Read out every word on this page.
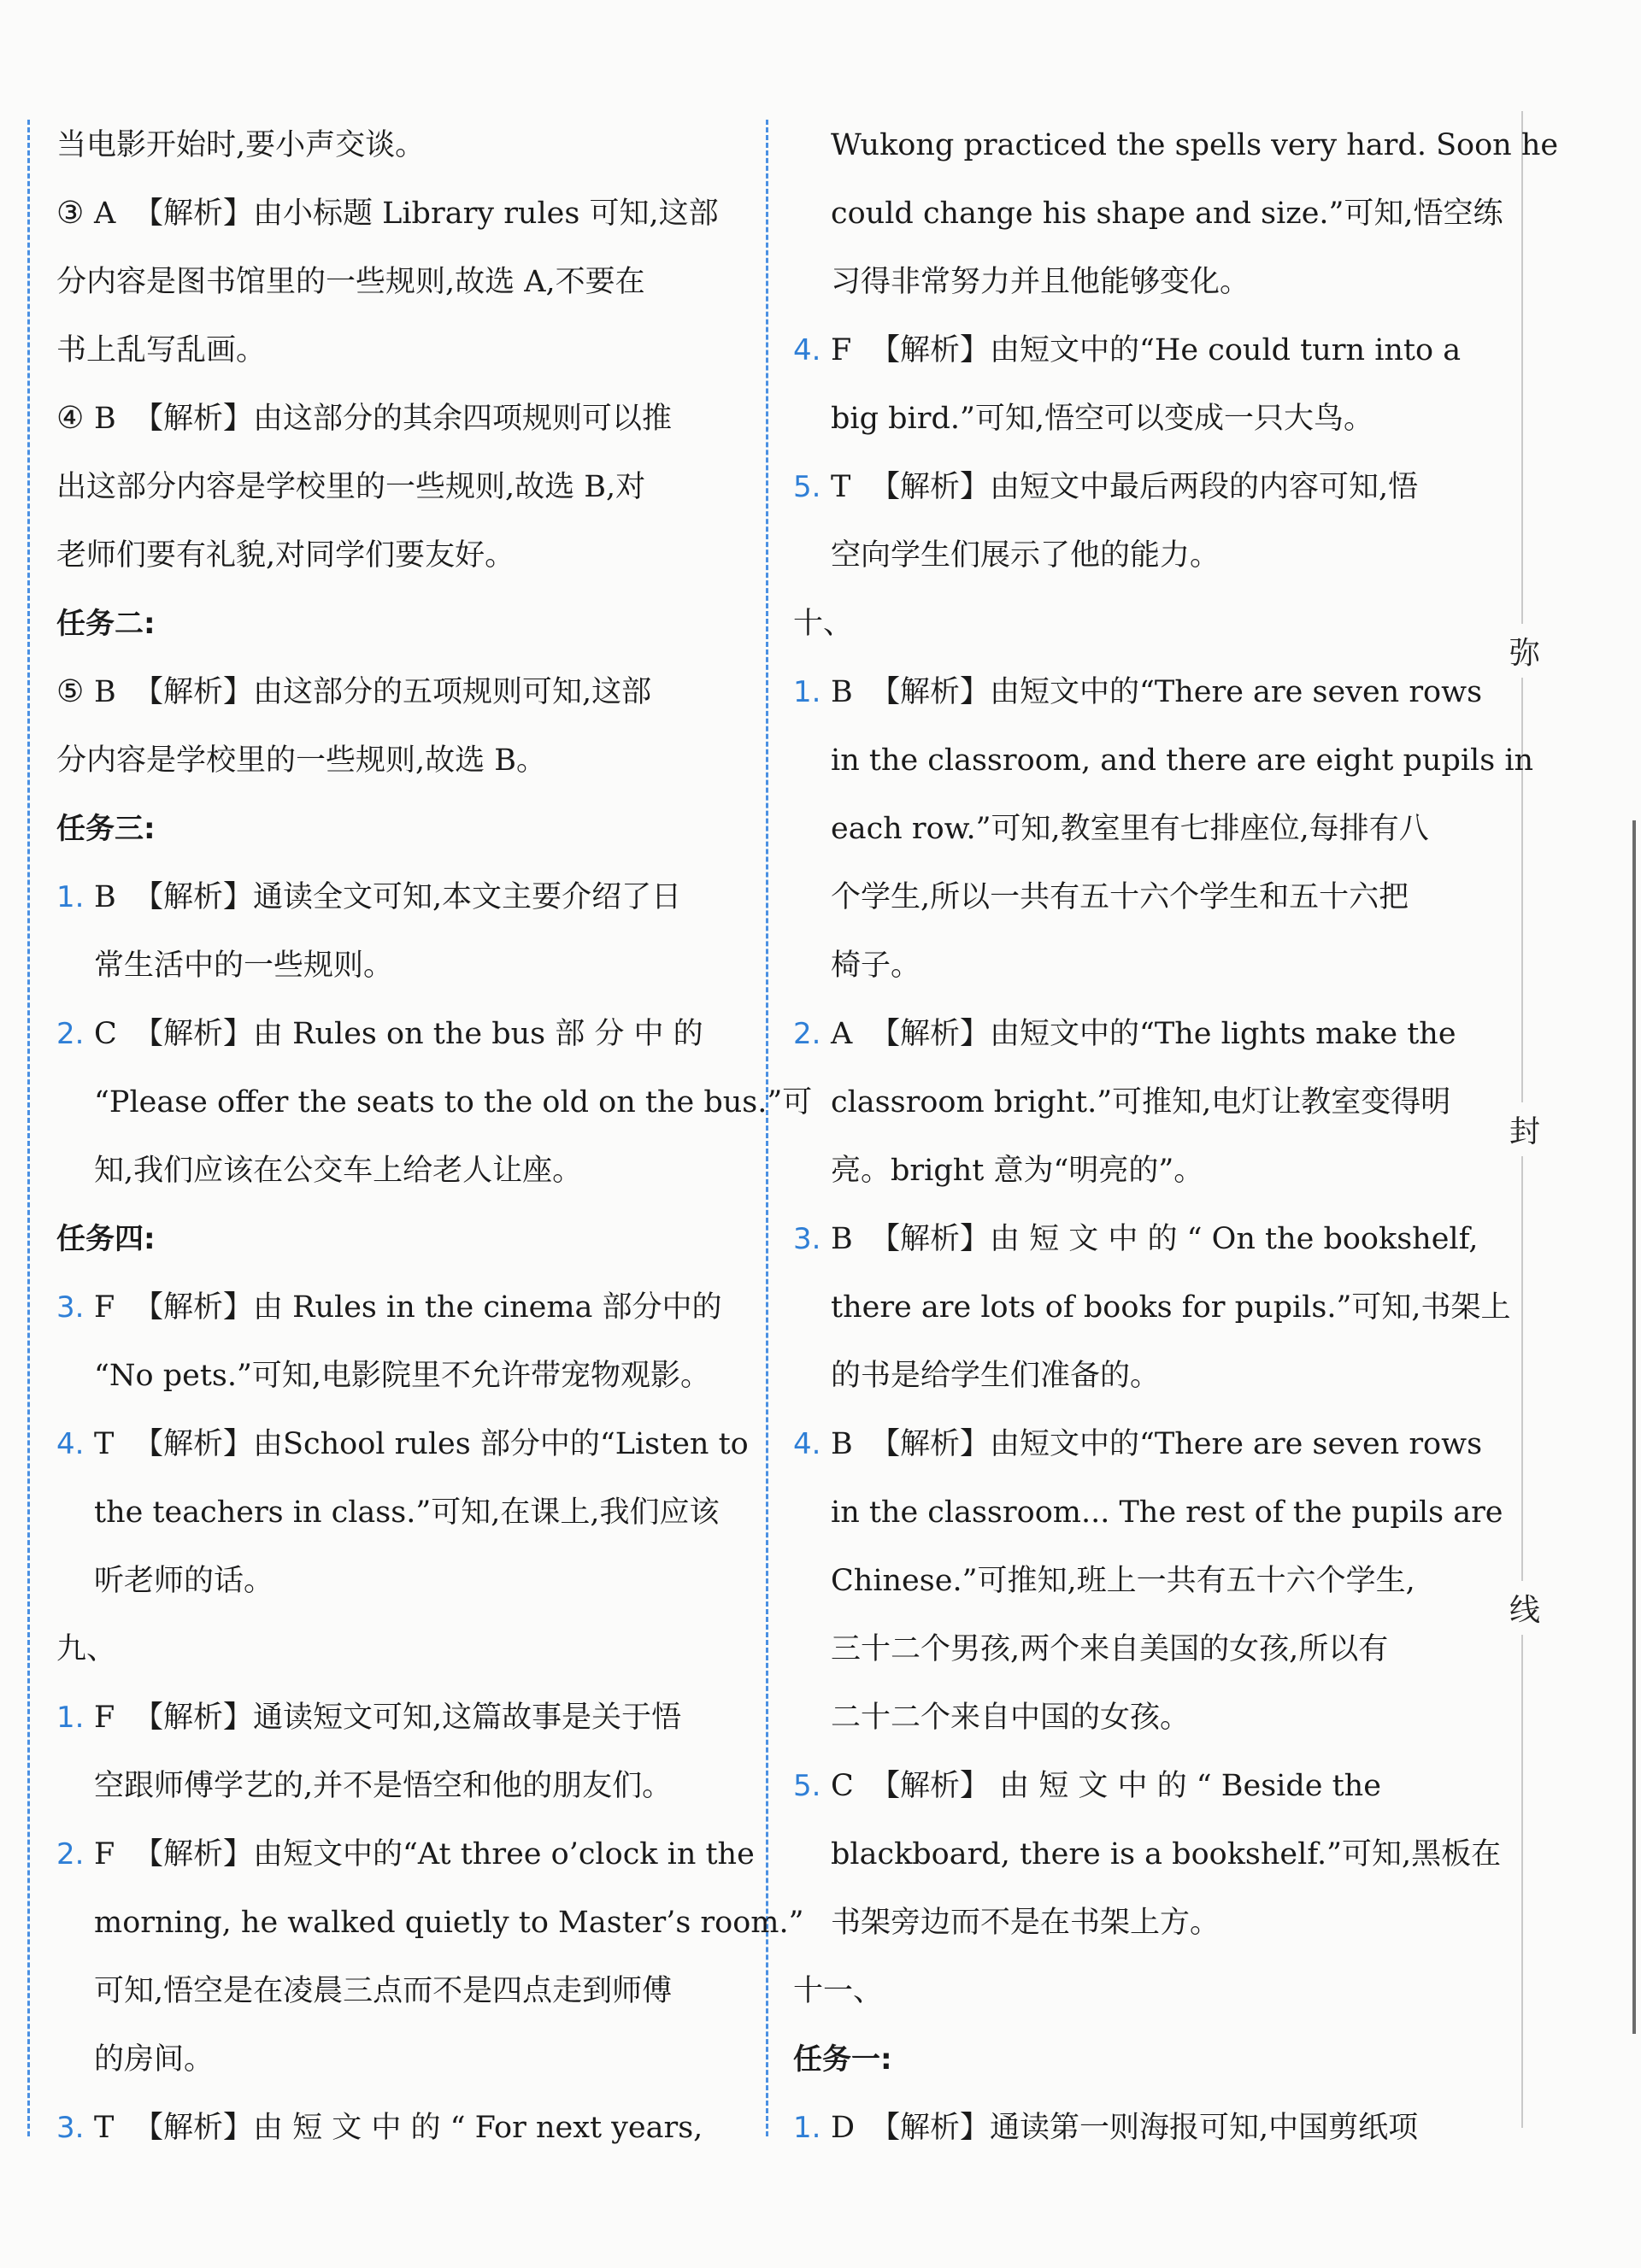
弥
封
线
当电影开始时,要小声交谈。
③ A 【解析】由小标题 Library rules 可知,这部
分内容是图书馆里的一些规则,故选 A,不要在
书上乱写乱画。
④ B 【解析】由这部分的其余四项规则可以推
出这部分内容是学校里的一些规则,故选 B,对
老师们要有礼貌,对同学们要友好。
任务二:
⑤ B 【解析】由这部分的五项规则可知,这部
分内容是学校里的一些规则,故选 B。
任务三:
1. B 【解析】通读全文可知,本文主要介绍了日
常生活中的一些规则。
2. C 【解析】由 Rules on the bus 部 分 中 的
“Please offer the seats to the old on the bus.”可
知,我们应该在公交车上给老人让座。
任务四:
3. F 【解析】由 Rules in the cinema 部分中的
“No pets.”可知,电影院里不允许带宠物观影。
4. T 【解析】由School rules 部分中的“Listen to
the teachers in class.”可知,在课上,我们应该
听老师的话。
九、
1. F 【解析】通读短文可知,这篇故事是关于悟
空跟师傅学艺的,并不是悟空和他的朋友们。
2. F 【解析】由短文中的“At three o’clock in the
morning, he walked quietly to Master’s room.”
可知,悟空是在凌晨三点而不是四点走到师傅
的房间。
3. T 【解析】由 短 文 中 的 “ For next years,
Wukong practiced the spells very hard. Soon he
could change his shape and size.”可知,悟空练
习得非常努力并且他能够变化。
4. F 【解析】由短文中的“He could turn into a
big bird.”可知,悟空可以变成一只大鸟。
5. T 【解析】由短文中最后两段的内容可知,悟
空向学生们展示了他的能力。
十、
1. B 【解析】由短文中的“There are seven rows
in the classroom, and there are eight pupils in
each row.”可知,教室里有七排座位,每排有八
个学生,所以一共有五十六个学生和五十六把
椅子。
2. A 【解析】由短文中的“The lights make the
classroom bright.”可推知,电灯让教室变得明
亮。bright 意为“明亮的”。
3. B 【解析】由 短 文 中 的 “ On the bookshelf,
there are lots of books for pupils.”可知,书架上
的书是给学生们准备的。
4. B 【解析】由短文中的“There are seven rows
in the classroom... The rest of the pupils are
Chinese.”可推知,班上一共有五十六个学生,
三十二个男孩,两个来自美国的女孩,所以有
二十二个来自中国的女孩。
5. C 【解析】 由 短 文 中 的 “ Beside the
blackboard, there is a bookshelf.”可知,黑板在
书架旁边而不是在书架上方。
十一、
任务一:
1. D 【解析】通读第一则海报可知,中国剪纸项
